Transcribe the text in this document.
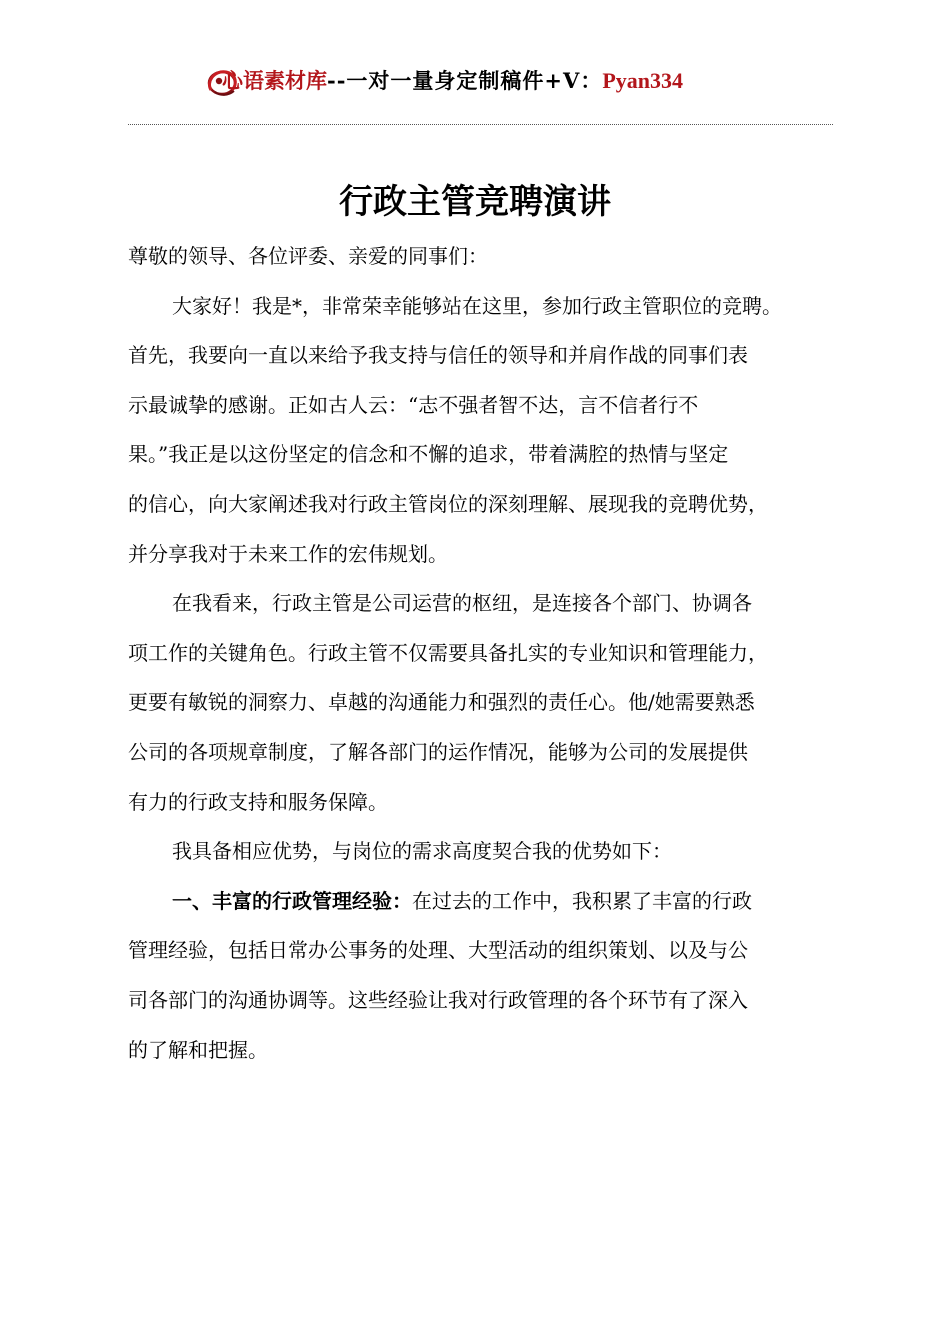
心语素材库--一对一量身定制稿件+V：Pyan334
行政主管竞聘演讲
尊敬的领导、各位评委、亲爱的同事们：
大家好！我是*，非常荣幸能够站在这里，参加行政主管职位的竞聘。
首先，我要向一直以来给予我支持与信任的领导和并肩作战的同事们表
示最诚挚的感谢。正如古人云：“志不强者智不达，言不信者行不
果。”我正是以这份坚定的信念和不懈的追求，带着满腔的热情与坚定
的信心，向大家阐述我对行政主管岗位的深刻理解、展现我的竞聘优势，
并分享我对于未来工作的宏伟规划。
在我看来，行政主管是公司运营的枢纽，是连接各个部门、协调各
项工作的关键角色。行政主管不仅需要具备扎实的专业知识和管理能力，
更要有敏锐的洞察力、卓越的沟通能力和强烈的责任心。他/她需要熟悉
公司的各项规章制度，了解各部门的运作情况，能够为公司的发展提供
有力的行政支持和服务保障。
我具备相应优势，与岗位的需求高度契合我的优势如下：
一、丰富的行政管理经验：在过去的工作中，我积累了丰富的行政
管理经验，包括日常办公事务的处理、大型活动的组织策划、以及与公
司各部门的沟通协调等。这些经验让我对行政管理的各个环节有了深入
的了解和把握。
